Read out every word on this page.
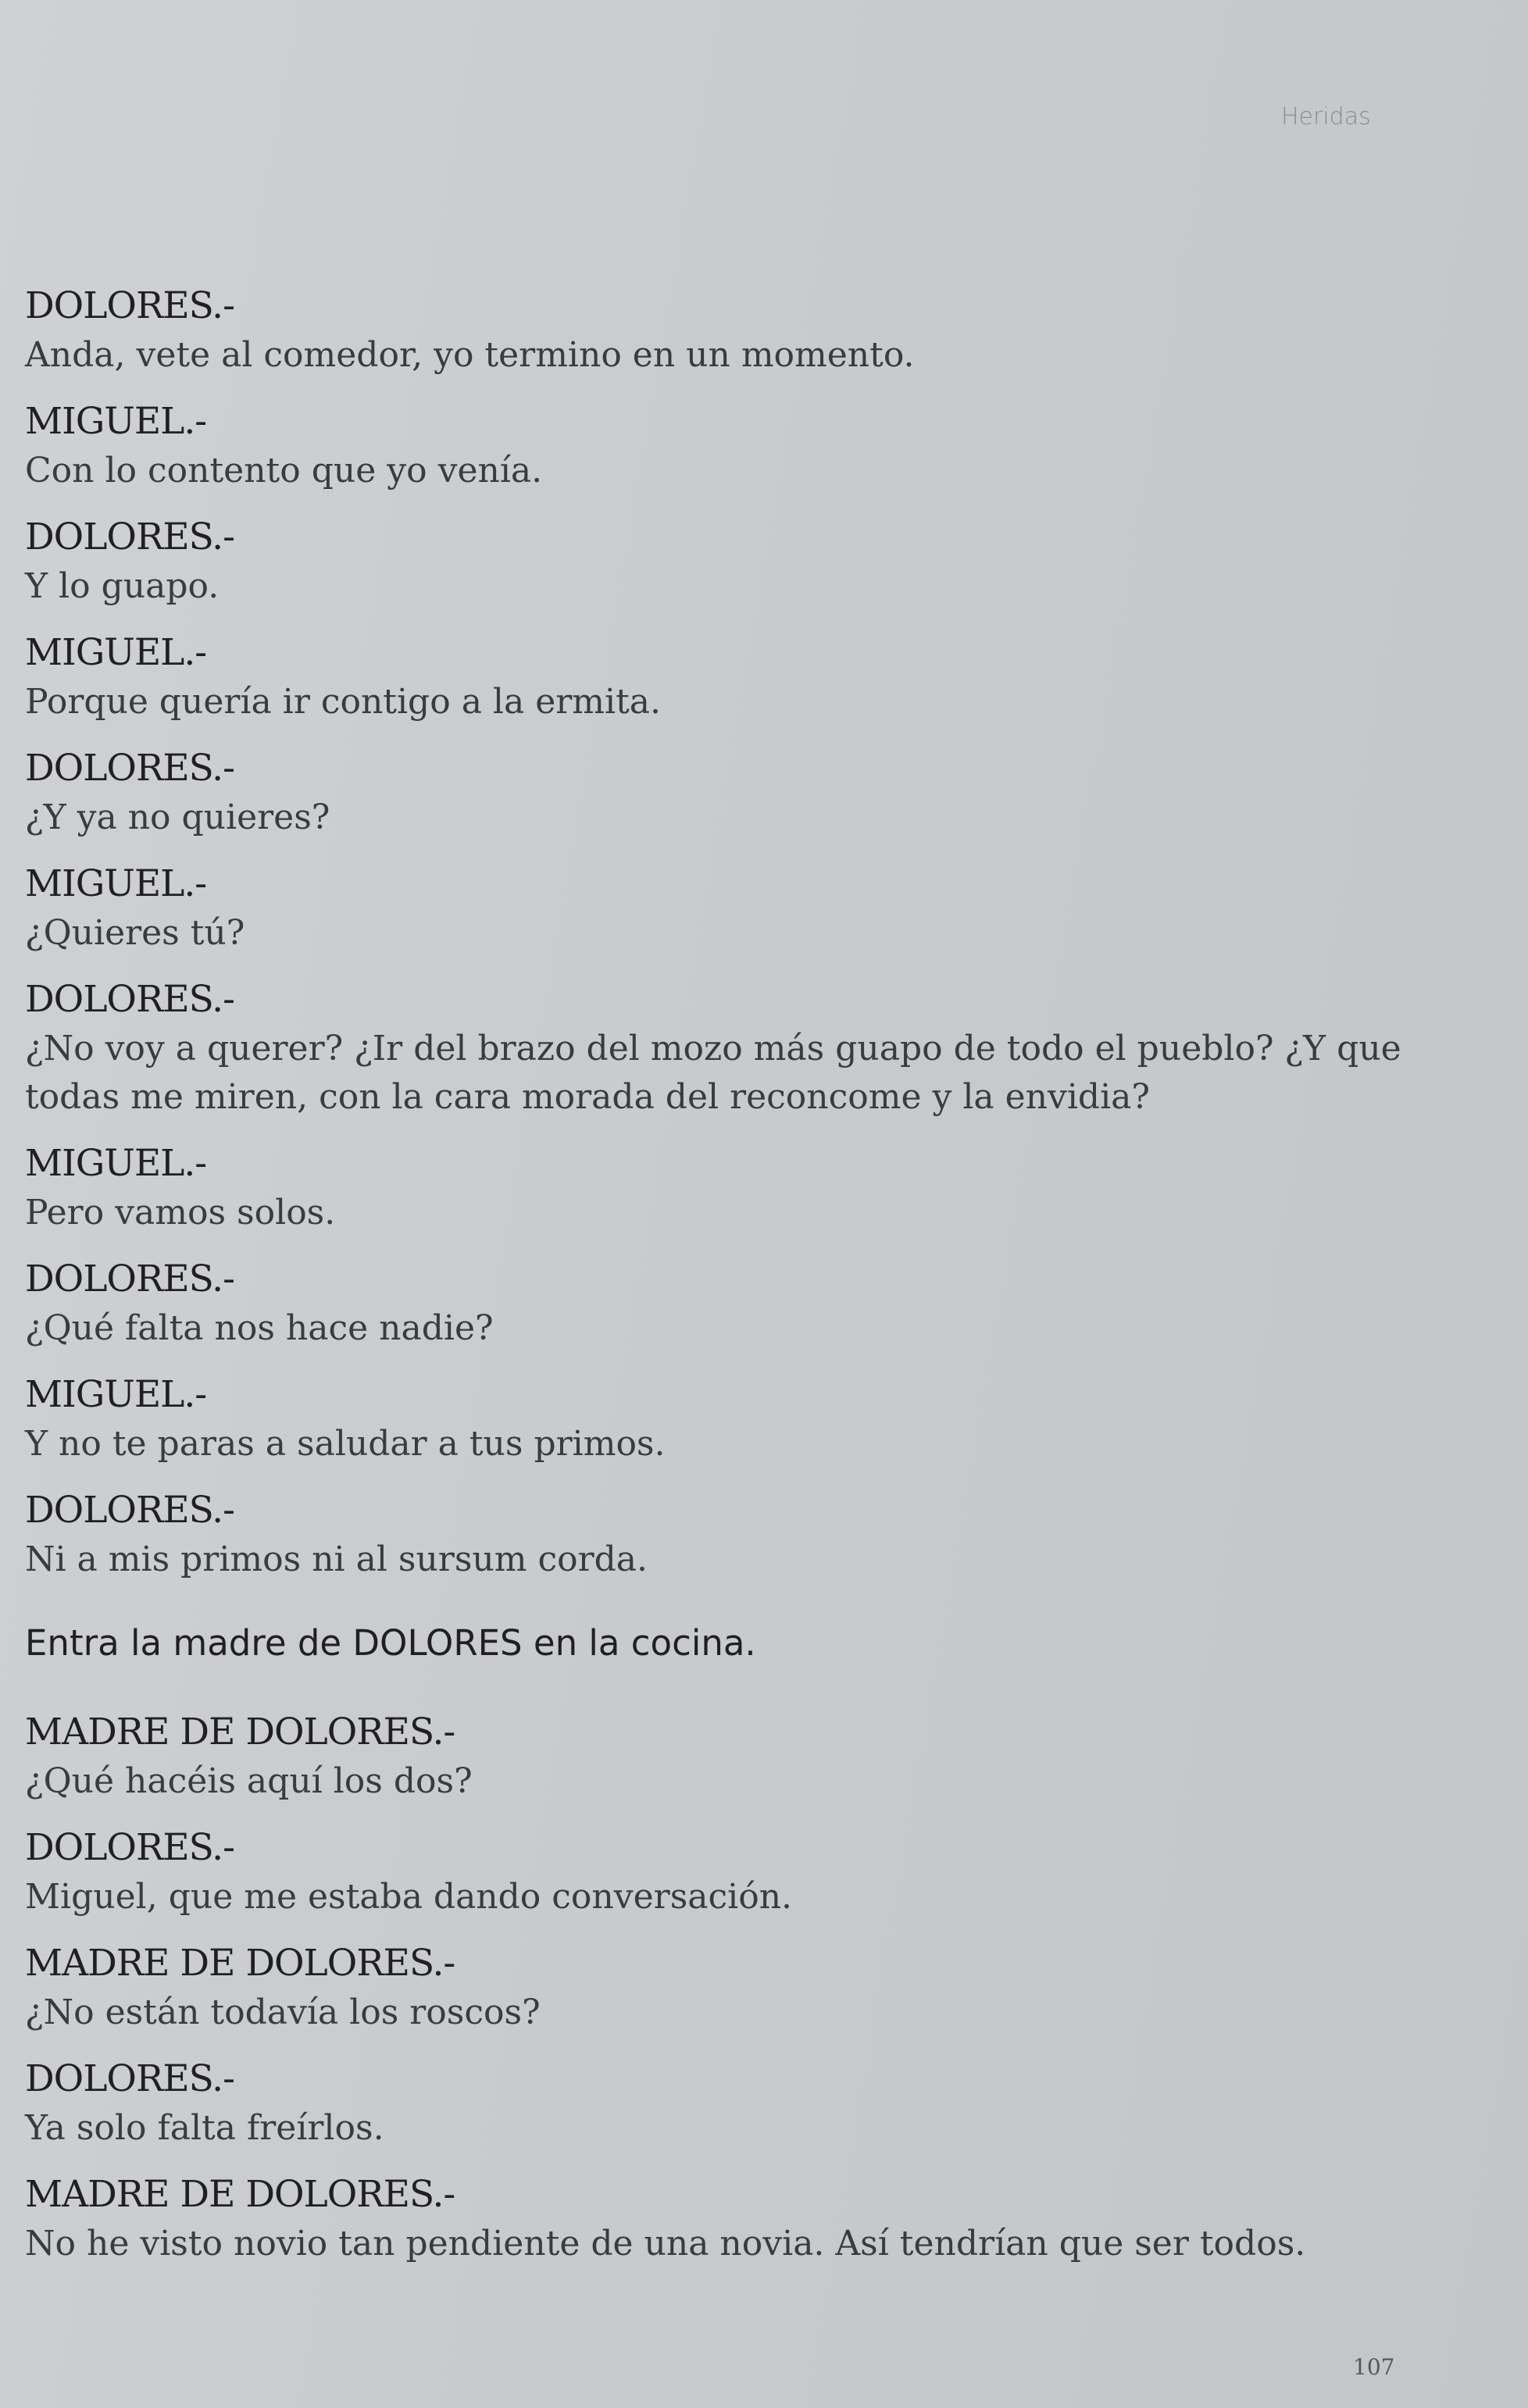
Heridas
DOLORES.-
Anda, vete al comedor, yo termino en un momento.
MIGUEL.-
Con lo contento que yo venía.
DOLORES.-
Y lo guapo.
MIGUEL.-
Porque quería ir contigo a la ermita.
DOLORES.-
¿Y ya no quieres?
MIGUEL.-
¿Quieres tú?
DOLORES.-
¿No voy a querer? ¿Ir del brazo del mozo más guapo de todo el pueblo? ¿Y que todas me miren, con la cara morada del reconcome y la envidia?
MIGUEL.-
Pero vamos solos.
DOLORES.-
¿Qué falta nos hace nadie?
MIGUEL.-
Y no te paras a saludar a tus primos.
DOLORES.-
Ni a mis primos ni al sursum corda.
Entra la madre de DOLORES en la cocina.
MADRE DE DOLORES.-
¿Qué hacéis aquí los dos?
DOLORES.-
Miguel, que me estaba dando conversación.
MADRE DE DOLORES.-
¿No están todavía los roscos?
DOLORES.-
Ya solo falta freírlos.
MADRE DE DOLORES.-
No he visto novio tan pendiente de una novia. Así tendrían que ser todos.
107
